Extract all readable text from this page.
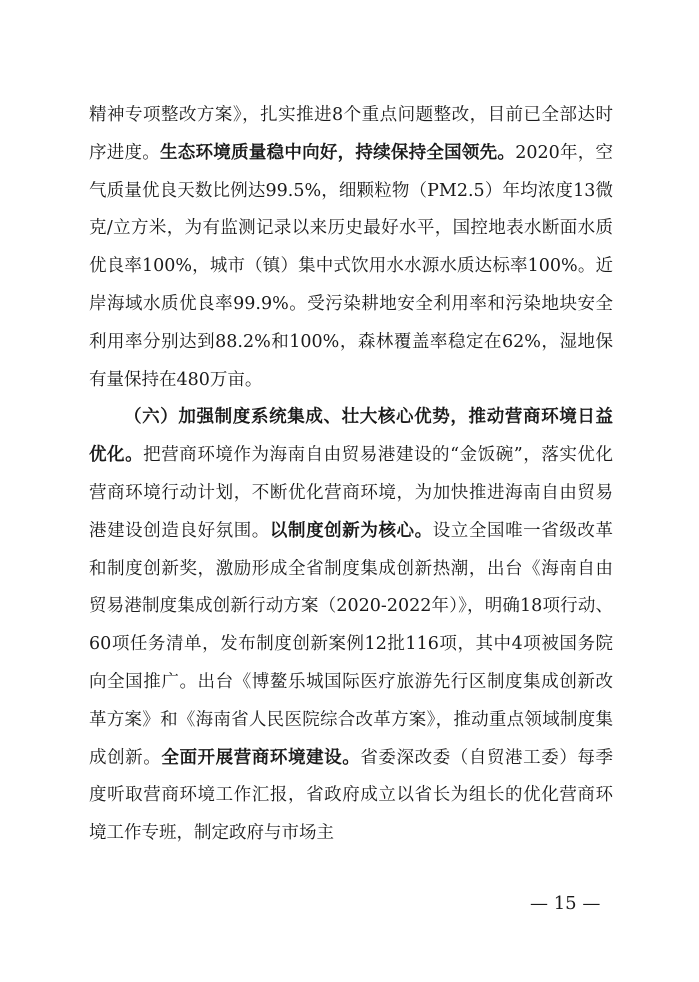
精神专项整改方案》，扎实推进8个重点问题整改，目前已全部达时序进度。生态环境质量稳中向好，持续保持全国领先。2020年，空气质量优良天数比例达99.5%，细颗粒物（PM2.5）年均浓度13微克/立方米，为有监测记录以来历史最好水平，国控地表水断面水质优良率100%，城市（镇）集中式饮用水水源水质达标率100%。近岸海域水质优良率99.9%。受污染耕地安全利用率和污染地块安全利用率分别达到88.2%和100%，森林覆盖率稳定在62%，湿地保有量保持在480万亩。

（六）加强制度系统集成、壮大核心优势，推动营商环境日益优化。把营商环境作为海南自由贸易港建设的“金饭碗”，落实优化营商环境行动计划，不断优化营商环境，为加快推进海南自由贸易港建设创造良好氛围。以制度创新为核心。设立全国唯一省级改革和制度创新奖，激励形成全省制度集成创新热潮，出台《海南自由贸易港制度集成创新行动方案（2020-2022年）》，明确18项行动、60项任务清单，发布制度创新案例12批116项，其中4项被国务院向全国推广。出台《博鳌乐城国际医疗旅游先行区制度集成创新改革方案》和《海南省人民医院综合改革方案》，推动重点领域制度集成创新。全面开展营商环境建设。省委深改委（自贸港工委）每季度听取营商环境工作汇报，省政府成立以省长为组长的优化营商环境工作专班，制定政府与市场主

— 15 —
